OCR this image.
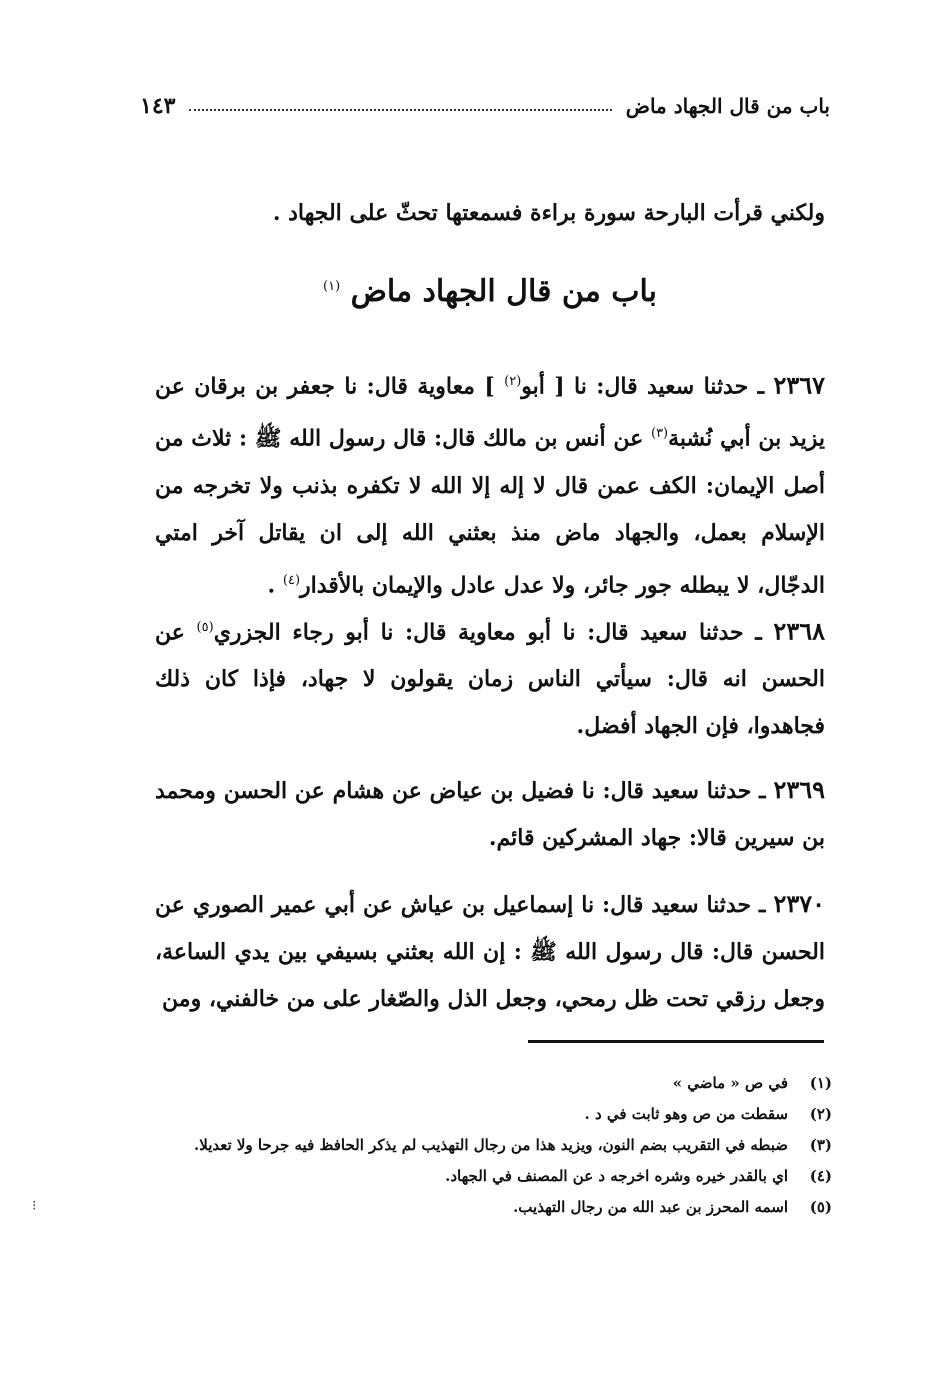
باب من قال الجهاد ماض
١٤٣
ولكني قرأت البارحة سورة براءة فسمعتها تحثّ على الجهاد .
باب من قال الجهاد ماض $^{(١)}$
٢٣٦٧ ـ حدثنا سعيد قال: نا [ أبو$^{(٢)}$ ] معاوية قال: نا جعفر بن برقان عن يزيد بن أبي نُشبة$^{(٣)}$ عن أنس بن مالك قال: قال رسول الله ﷺ : ثلاث من أصل الإيمان: الكف عمن قال لا إله إلا الله لا تكفره بذنب ولا تخرجه من الإسلام بعمل، والجهاد ماض منذ بعثني الله إلى ان يقاتل آخر امتي الدجّال، لا يبطله جور جائر، ولا عدل عادل والإيمان بالأقدار$^{(٤)}$ .
٢٣٦٨ ـ حدثنا سعيد قال: نا أبو معاوية قال: نا أبو رجاء الجزري$^{(٥)}$ عن الحسن انه قال: سيأتي الناس زمان يقولون لا جهاد، فإذا كان ذلك فجاهدوا، فإن الجهاد أفضل.
٢٣٦٩ ـ حدثنا سعيد قال: نا فضيل بن عياض عن هشام عن الحسن ومحمد بن سيرين قالا: جهاد المشركين قائم.
٢٣٧٠ ـ حدثنا سعيد قال: نا إسماعيل بن عياش عن أبي عمير الصوري عن الحسن قال: قال رسول الله ﷺ : إن الله بعثني بسيفي بين يدي الساعة، وجعل رزقي تحت ظل رمحي، وجعل الذل والصّغار على من خالفني، ومن
(١)
في ص « ماضي »
(٢)
سقطت من ص وهو ثابت في د .
(٣)
ضبطه في التقريب بضم النون، ويزيد هذا من رجال التهذيب لم يذكر الحافظ فيه جرحا ولا تعديلا.
(٤)
اي بالقدر خيره وشره اخرجه د عن المصنف في الجهاد.
(٥)
اسمه المحرز بن عبد الله من رجال التهذيب.
⁝
